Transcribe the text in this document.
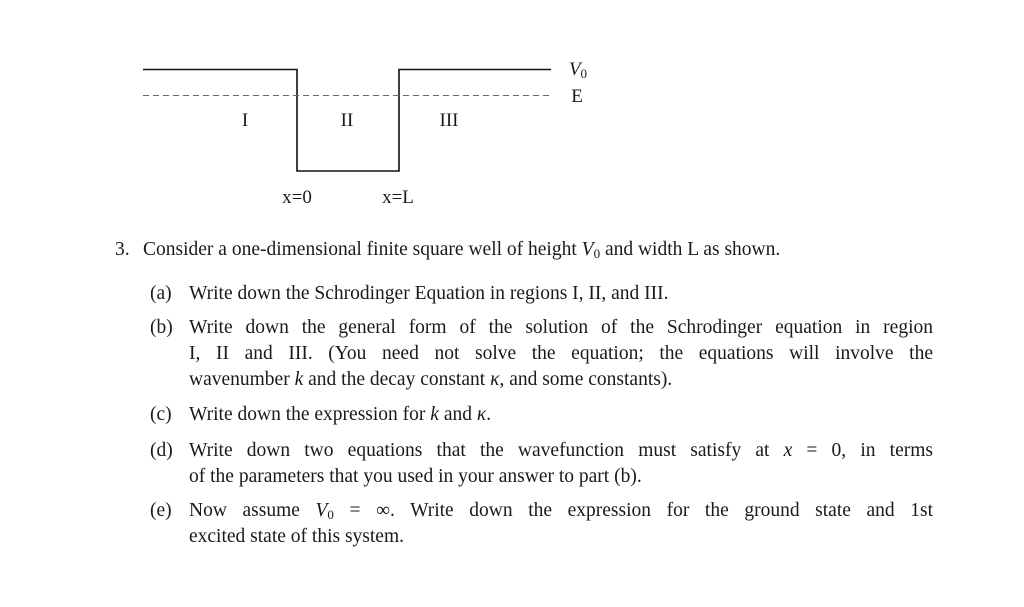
$V_0$
E
I	II	III
x=0	x=L
3. Consider a one-dimensional finite square well of height $V_0$ and width L as shown.
(a) Write down the Schrodinger Equation in regions I, II, and III.
(b) Write down the general form of the solution of the Schrodinger equation in region
I, II and III. (You need not solve the equation; the equations will involve the
wavenumber k and the decay constant κ, and some constants).
(c) Write down the expression for k and κ.
(d) Write down two equations that the wavefunction must satisfy at x = 0, in terms
of the parameters that you used in your answer to part (b).
(e) Now assume $V_0$ = ∞. Write down the expression for the ground state and 1st
excited state of this system.
